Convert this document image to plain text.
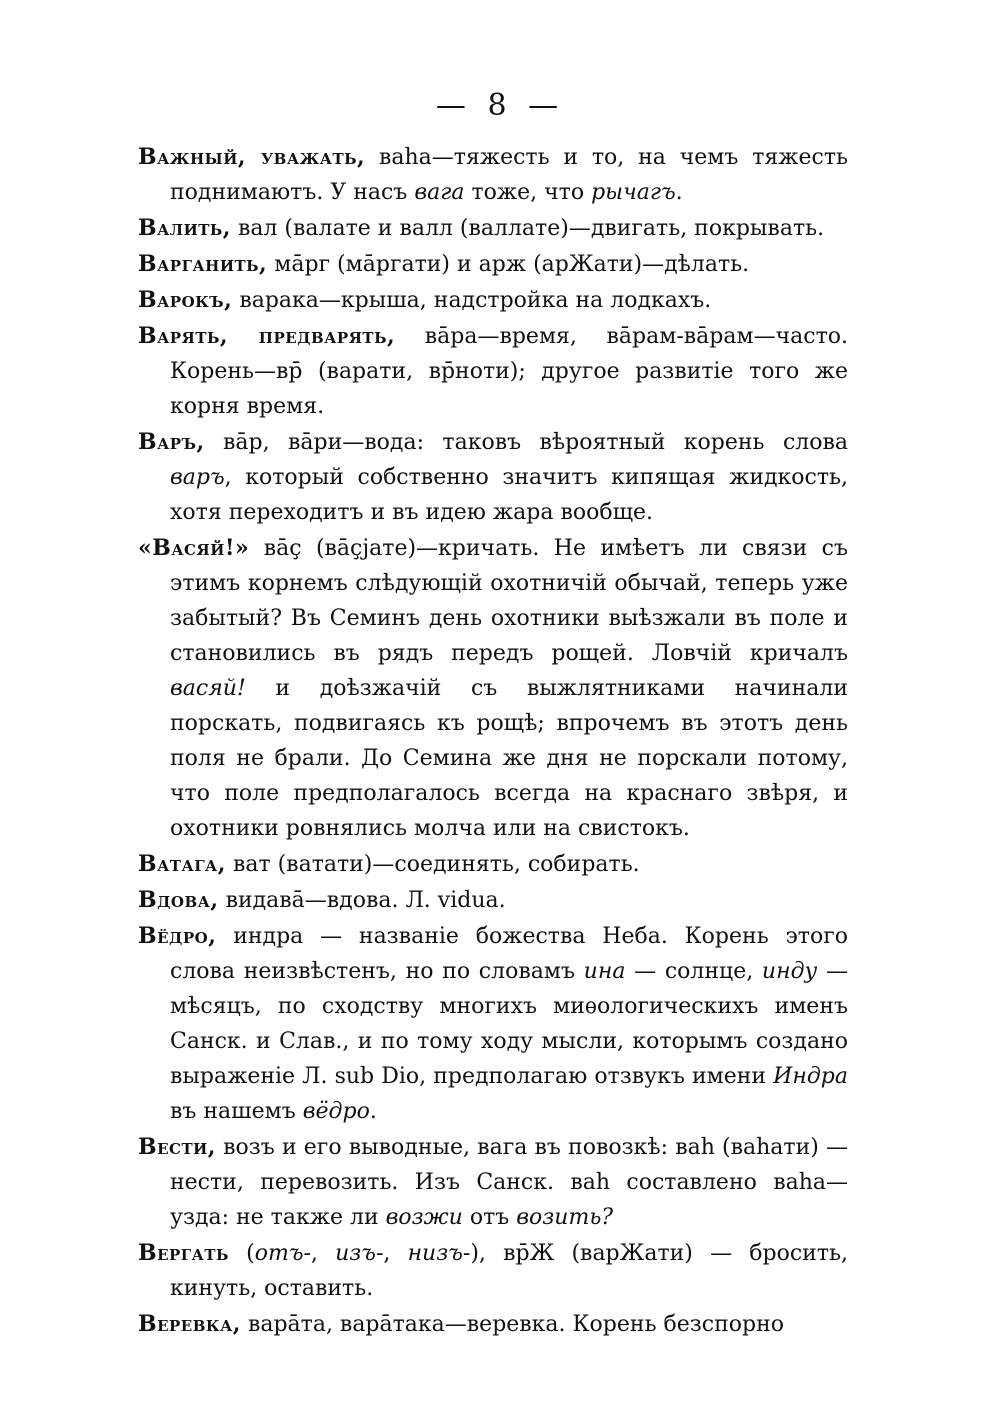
— 8 —

Важный, уважать, ваhа—тяжесть и то, на чемъ тяжесть поднимаютъ. У насъ вага тоже, что рычагъ.

Валить, вал (валате и валл (валлате)—двигать, покрывать.

Варганить, ма̄рг (ма̄ргати) и арж (арЖати)—дѣлать.

Варокъ, варака—крыша, надстройка на лодкахъ.

Варять, предварять, ва̄ра—время, ва̄рам-ва̄рам—часто. Корень—вр̄ (варати, вр̄ноти); другое развитіе того же корня время.

Варъ, ва̄р, ва̄ри—вода: таковъ вѣроятный корень слова варъ, который собственно значитъ кипящая жидкость, хотя переходитъ и въ идею жара вообще.

«Васяй!» ва̄ç (ва̄çјате)—кричать. Не имѣетъ ли связи съ этимъ корнемъ слѣдующій охотничій обычай, теперь уже забытый? Въ Семинъ день охотники выѣзжали въ поле и становились въ рядъ передъ рощей. Ловчій кричалъ васяй! и доѣзжачій съ выжлятниками начинали порскать, подвигаясь къ рощѣ; впрочемъ въ этотъ день поля не брали. До Семина же дня не порскали потому, что поле предполагалось всегда на краснаго звѣря, и охотники ровнялись молча или на свистокъ.

Ватага, ват (ватати)—соединять, собирать.

Вдова, видава̄—вдова. Л. vidua.

Вёдро, индра — названіе божества Неба. Корень этого слова неизвѣстенъ, но по словамъ ина — солнце, инду — мѣсяцъ, по сходству многихъ миѳологическихъ именъ Санск. и Слав., и по тому ходу мысли, которымъ создано выраженіе Л. sub Dio, предполагаю отзвукъ имени Индра въ нашемъ вёдро.

Вести, возъ и его выводные, вага въ повозкѣ: ваh (ваhати) — нести, перевозить. Изъ Санск. ваh составлено ваhа—узда: не также ли возжи отъ возить?

Вергать (отъ-, изъ-, низъ-), вр̄Ж (варЖати) — бросить, кинуть, оставить.

Веревка, вара̄та, вара̄така—веревка. Корень безспорно
